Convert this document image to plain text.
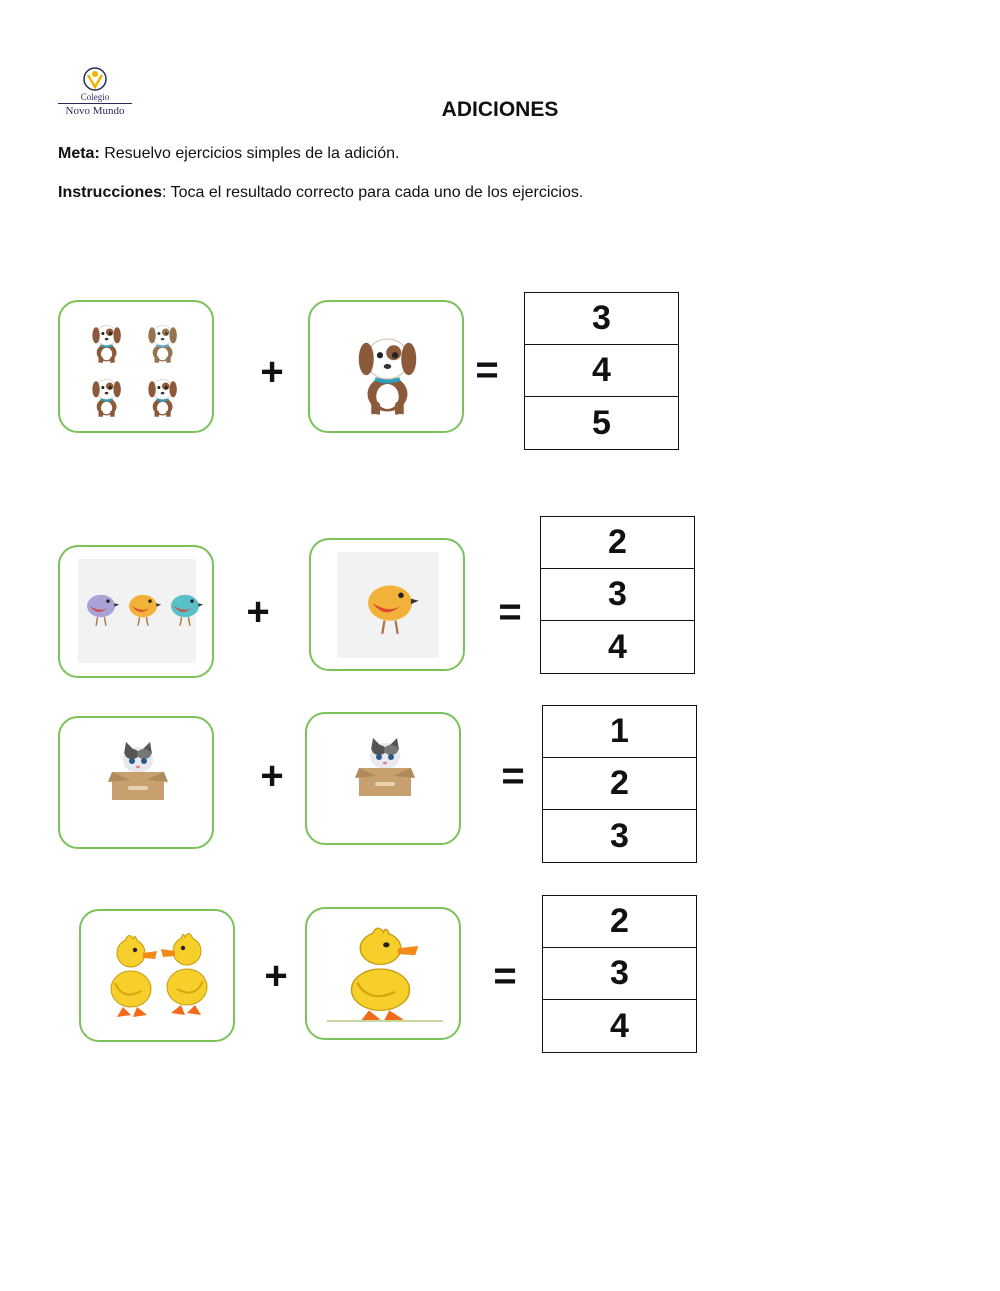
Colegio
Novo Mundo	ADICIONES
Meta: Resuelvo ejercicios simples de la adición.
Instrucciones: Toca el resultado correcto para cada uno de los ejercicios.
+	=
3
4
5
+	=
2
3
4
+	=
1
2
3
+	=
2
3
4
